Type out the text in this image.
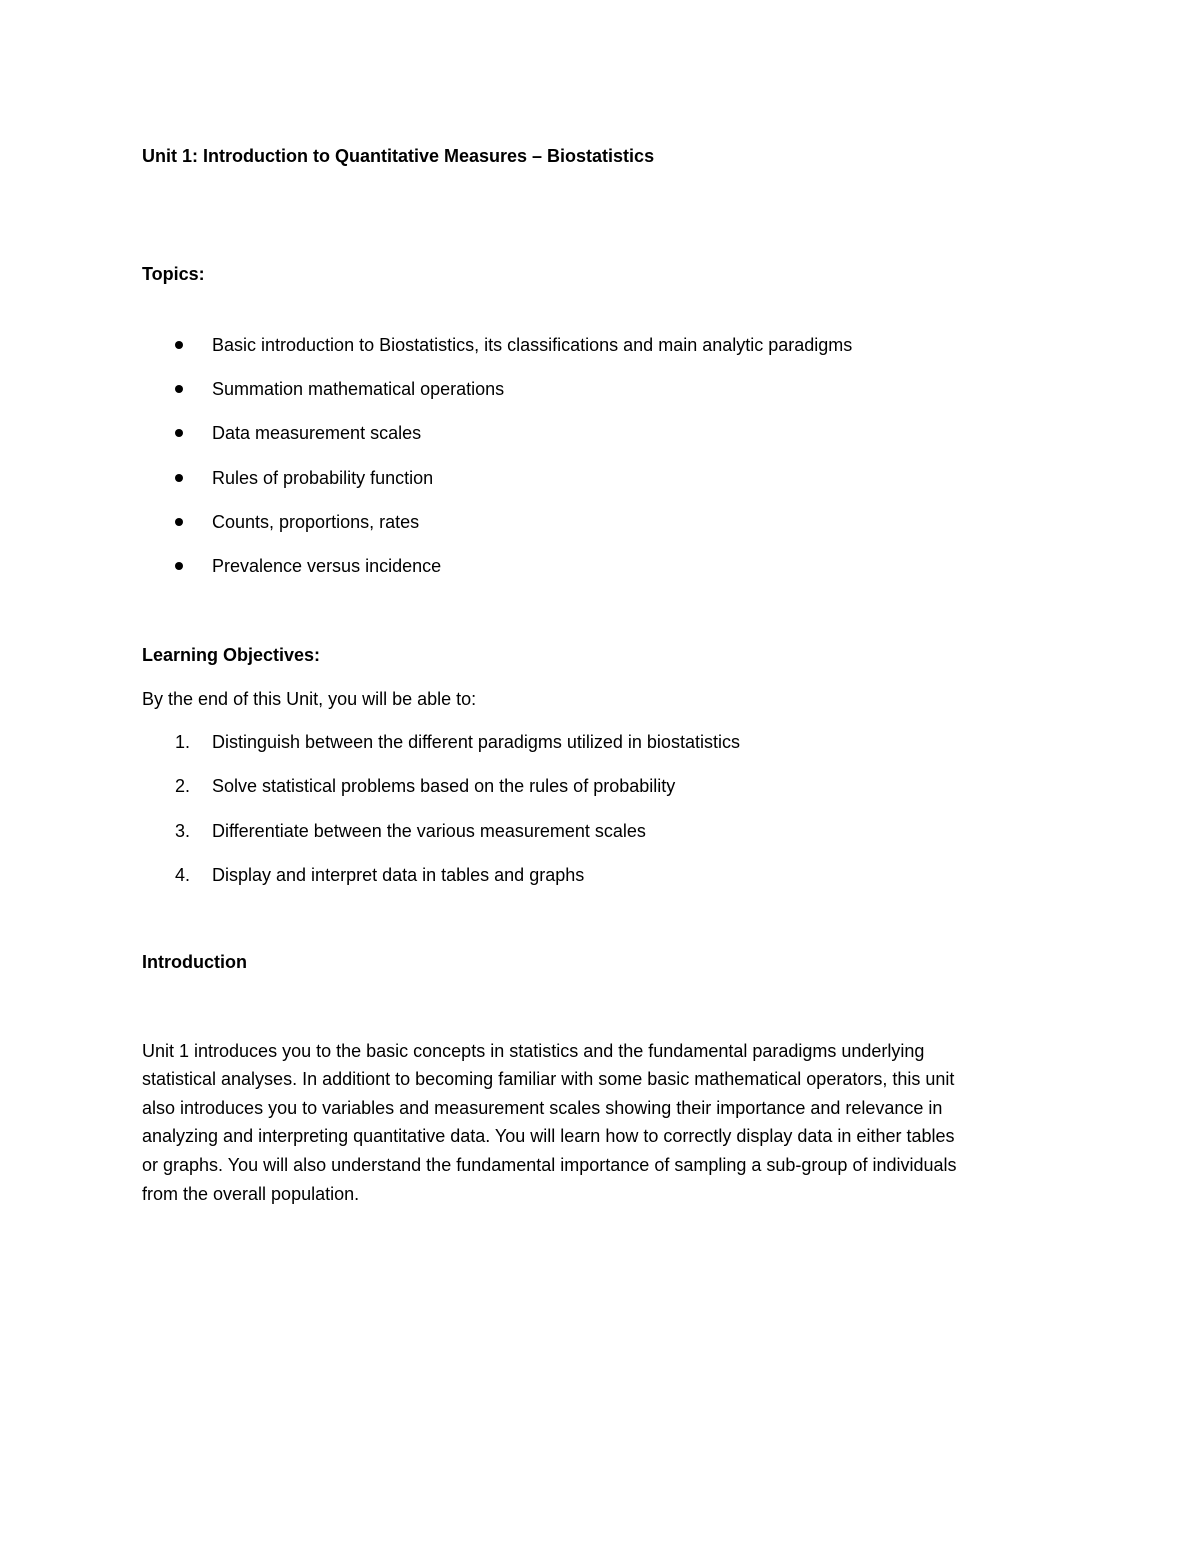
Unit 1: Introduction to Quantitative Measures – Biostatistics
Topics:
Basic introduction to Biostatistics, its classifications and main analytic paradigms
Summation mathematical operations
Data measurement scales
Rules of probability function
Counts, proportions, rates
Prevalence versus incidence
Learning Objectives:
By the end of this Unit, you will be able to:
1. Distinguish between the different paradigms utilized in biostatistics
2. Solve statistical problems based on the rules of probability
3. Differentiate between the various measurement scales
4. Display and interpret data in tables and graphs
Introduction
Unit 1 introduces you to the basic concepts in statistics and the fundamental paradigms underlying
statistical analyses. In additiont to becoming familiar with some basic mathematical operators, this unit
also introduces you to variables and measurement scales showing their importance and relevance in
analyzing and interpreting quantitative data. You will learn how to correctly display data in either tables
or graphs. You will also understand the fundamental importance of sampling a sub-group of individuals
from the overall population.
